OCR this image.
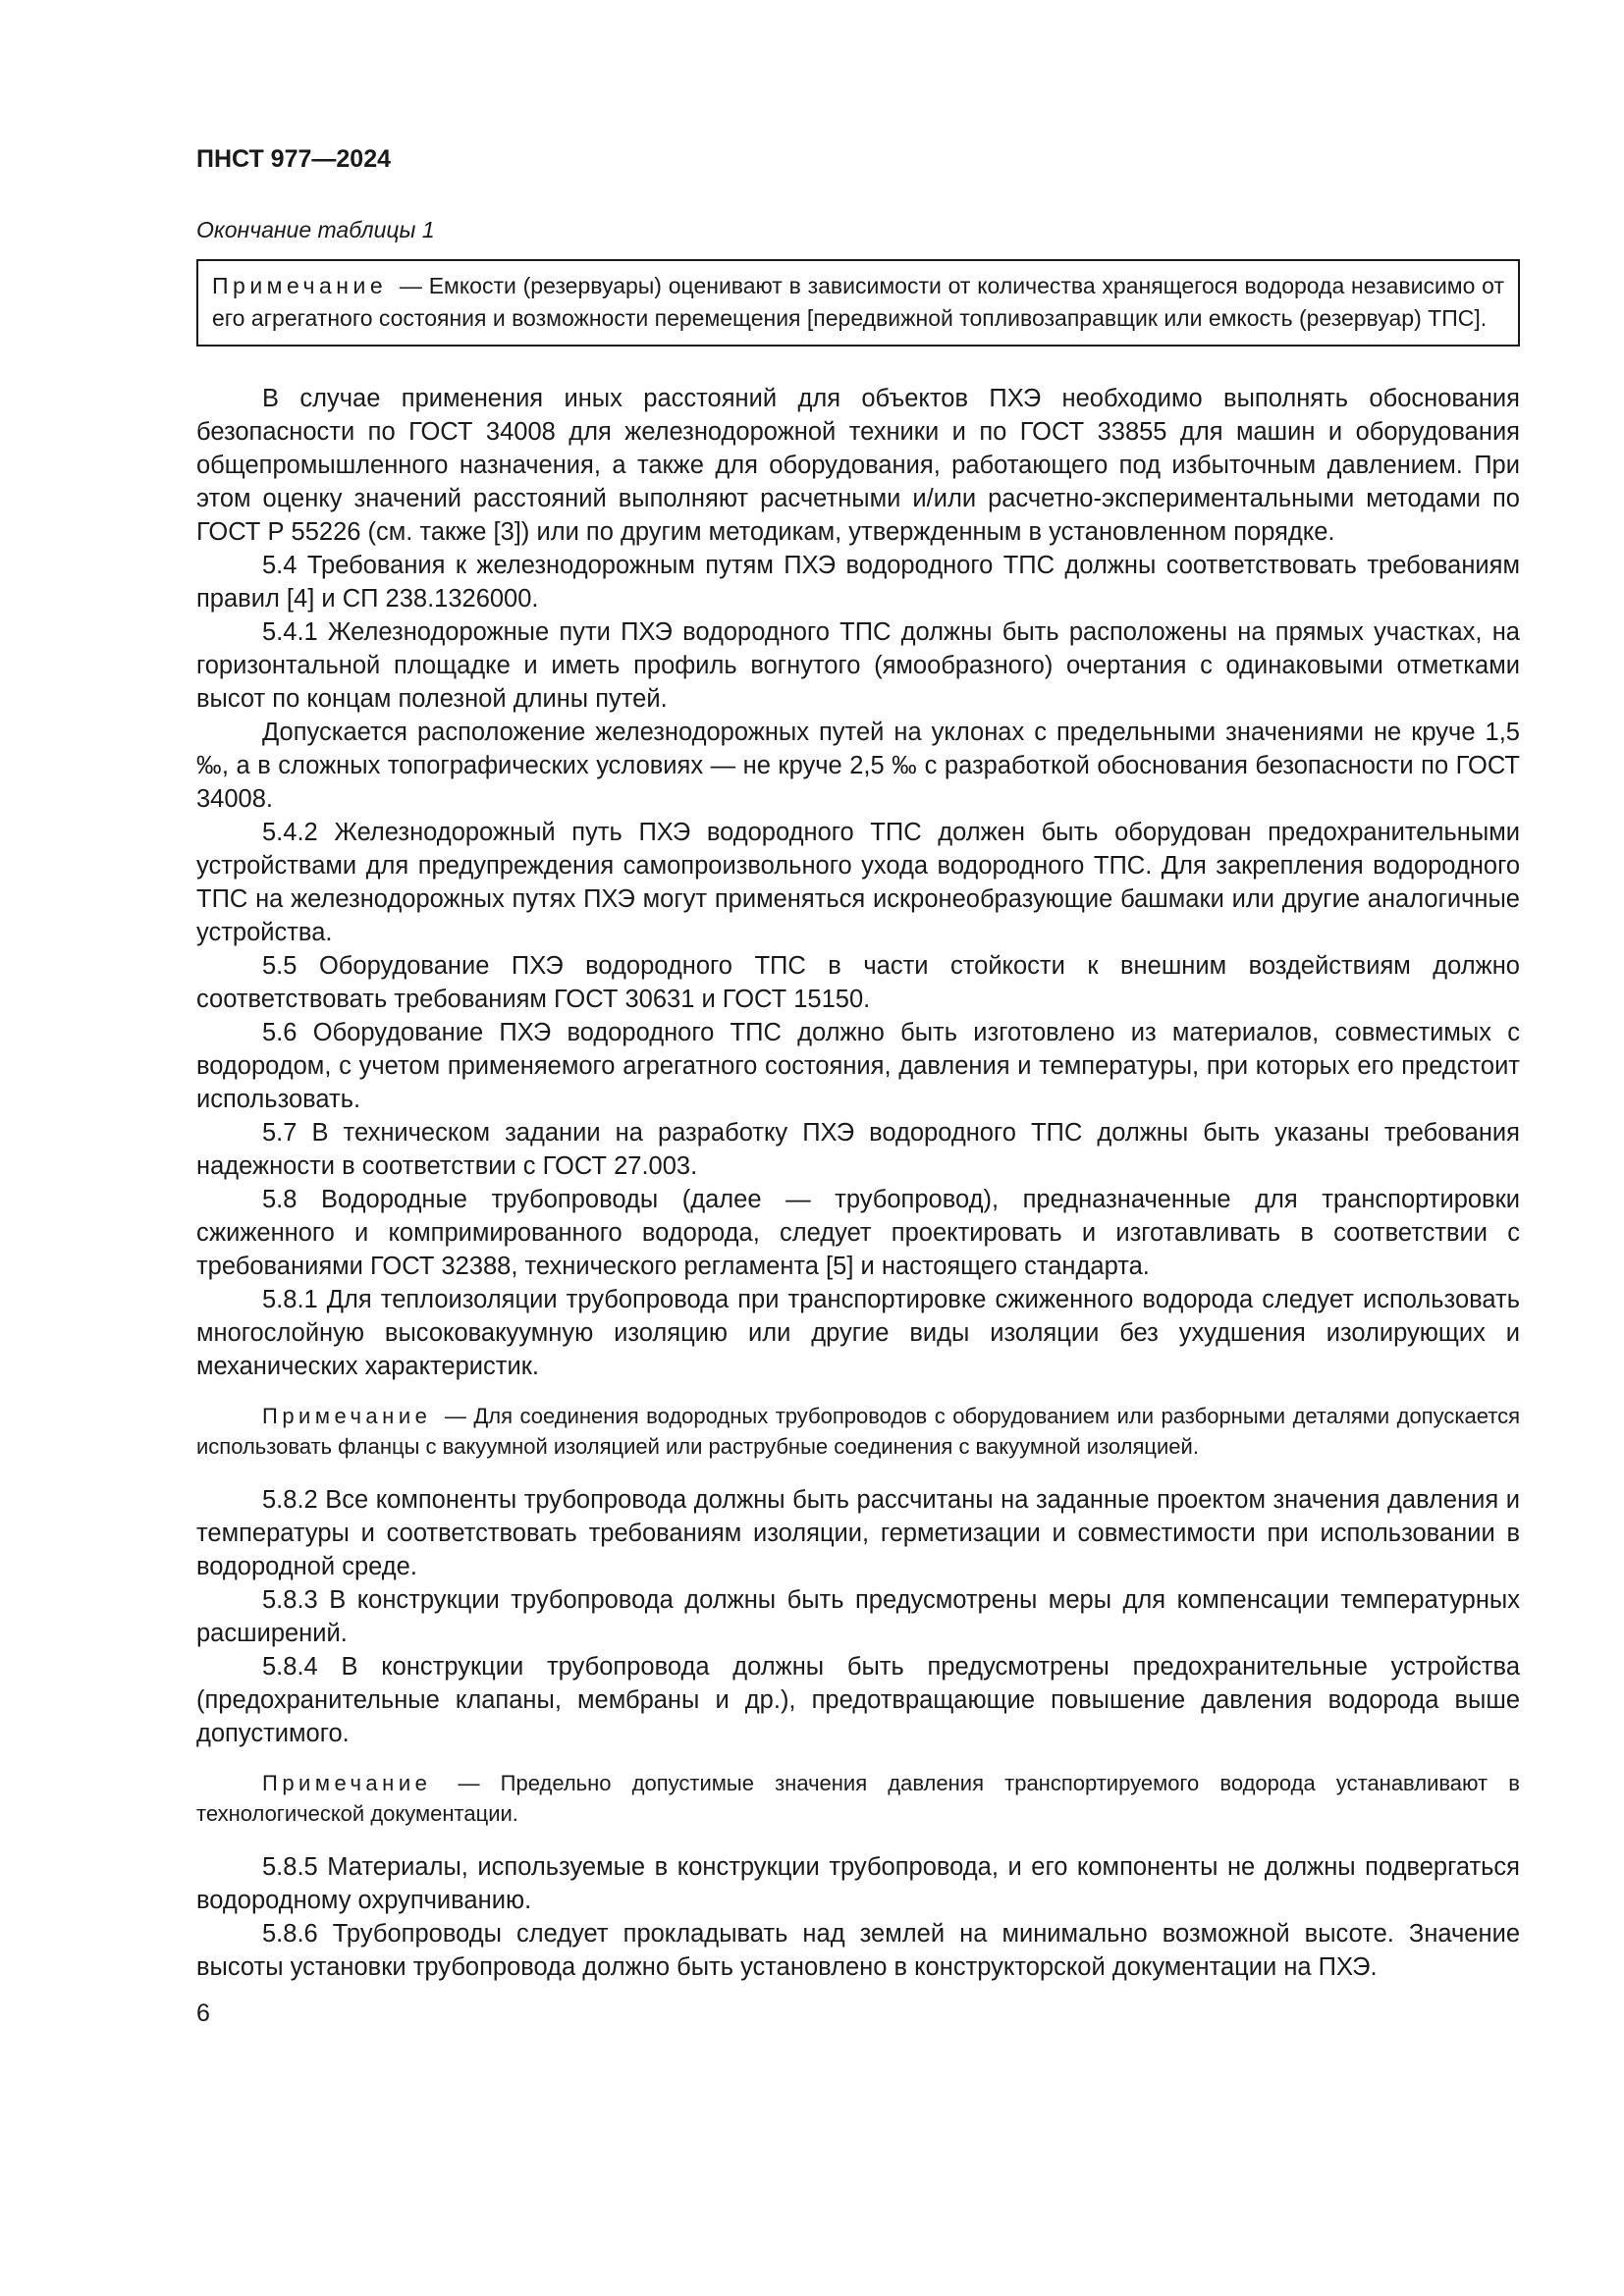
ПНСТ 977—2024
Окончание таблицы 1
Примечание — Емкости (резервуары) оценивают в зависимости от количества хранящегося водорода независимо от его агрегатного состояния и возможности перемещения [передвижной топливозаправщик или емкость (резервуар) ТПС].

В случае применения иных расстояний для объектов ПХЭ необходимо выполнять обоснования безопасности по ГОСТ 34008 для железнодорожной техники и по ГОСТ 33855 для машин и оборудования общепромышленного назначения, а также для оборудования, работающего под избыточным давлением. При этом оценку значений расстояний выполняют расчетными и/или расчетно-экспериментальными методами по ГОСТ Р 55226 (см. также [3]) или по другим методикам, утвержденным в установленном порядке.

5.4 Требования к железнодорожным путям ПХЭ водородного ТПС должны соответствовать требованиям правил [4] и СП 238.1326000.

5.4.1 Железнодорожные пути ПХЭ водородного ТПС должны быть расположены на прямых участках, на горизонтальной площадке и иметь профиль вогнутого (ямообразного) очертания с одинаковыми отметками высот по концам полезной длины путей.

Допускается расположение железнодорожных путей на уклонах с предельными значениями не круче 1,5 ‰, а в сложных топографических условиях — не круче 2,5 ‰ с разработкой обоснования безопасности по ГОСТ 34008.

5.4.2 Железнодорожный путь ПХЭ водородного ТПС должен быть оборудован предохранительными устройствами для предупреждения самопроизвольного ухода водородного ТПС. Для закрепления водородного ТПС на железнодорожных путях ПХЭ могут применяться искронеобразующие башмаки или другие аналогичные устройства.

5.5 Оборудование ПХЭ водородного ТПС в части стойкости к внешним воздействиям должно соответствовать требованиям ГОСТ 30631 и ГОСТ 15150.

5.6 Оборудование ПХЭ водородного ТПС должно быть изготовлено из материалов, совместимых с водородом, с учетом применяемого агрегатного состояния, давления и температуры, при которых его предстоит использовать.

5.7 В техническом задании на разработку ПХЭ водородного ТПС должны быть указаны требования надежности в соответствии с ГОСТ 27.003.

5.8 Водородные трубопроводы (далее — трубопровод), предназначенные для транспортировки сжиженного и компримированного водорода, следует проектировать и изготавливать в соответствии с требованиями ГОСТ 32388, технического регламента [5] и настоящего стандарта.

5.8.1 Для теплоизоляции трубопровода при транспортировке сжиженного водорода следует использовать многослойную высоковакуумную изоляцию или другие виды изоляции без ухудшения изолирующих и механических характеристик.

Примечание — Для соединения водородных трубопроводов с оборудованием или разборными деталями допускается использовать фланцы с вакуумной изоляцией или раструбные соединения с вакуумной изоляцией.

5.8.2 Все компоненты трубопровода должны быть рассчитаны на заданные проектом значения давления и температуры и соответствовать требованиям изоляции, герметизации и совместимости при использовании в водородной среде.

5.8.3 В конструкции трубопровода должны быть предусмотрены меры для компенсации температурных расширений.

5.8.4 В конструкции трубопровода должны быть предусмотрены предохранительные устройства (предохранительные клапаны, мембраны и др.), предотвращающие повышение давления водорода выше допустимого.

Примечание — Предельно допустимые значения давления транспортируемого водорода устанавливают в технологической документации.

5.8.5 Материалы, используемые в конструкции трубопровода, и его компоненты не должны подвергаться водородному охрупчиванию.

5.8.6 Трубопроводы следует прокладывать над землей на минимально возможной высоте. Значение высоты установки трубопровода должно быть установлено в конструкторской документации на ПХЭ.

6
